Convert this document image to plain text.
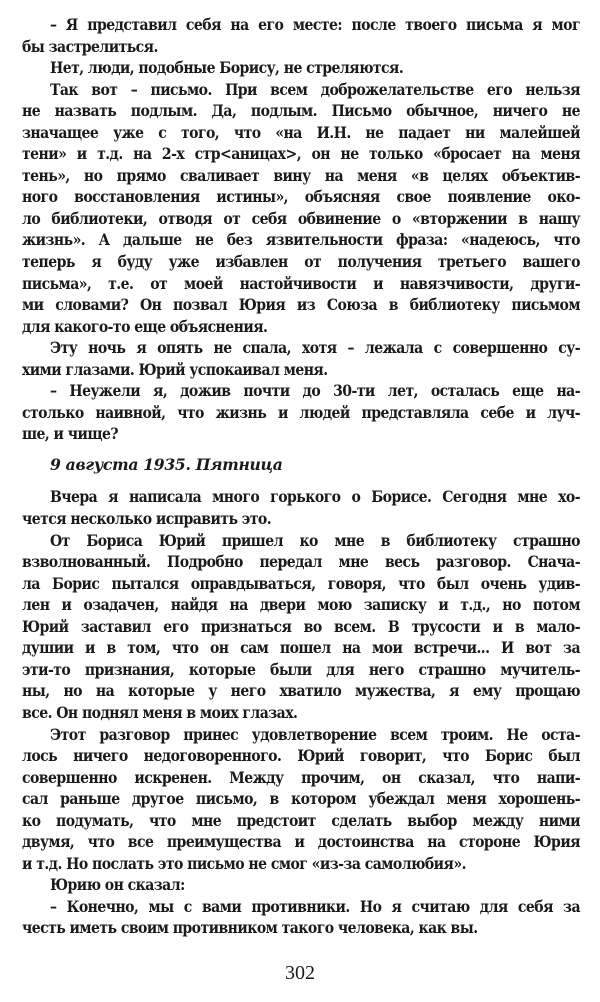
– Я представил себя на его месте: после твоего письма я мог
бы застрелиться.
Нет, люди, подобные Борису, не стреляются.
Так вот – письмо. При всем доброжелательстве его нельзя
не назвать подлым. Да, подлым. Письмо обычное, ничего не
значащее уже с того, что «на И.Н. не падает ни малейшей
тени» и т.д. на 2-х стр<аницах>, он не только «бросает на меня
тень», но прямо сваливает вину на меня «в целях объектив-
ного восстановления истины», объясняя свое появление око-
ло библиотеки, отводя от себя обвинение о «вторжении в нашу
жизнь». А дальше не без язвительности фраза: «надеюсь, что
теперь я буду уже избавлен от получения третьего вашего
письма», т.е. от моей настойчивости и навязчивости, други-
ми словами? Он позвал Юрия из Союза в библиотеку письмом
для какого-то еще объяснения.
Эту ночь я опять не спала, хотя – лежала с совершенно су-
хими глазами. Юрий успокаивал меня.
– Неужели я, дожив почти до 30-ти лет, осталась еще на-
столько наивной, что жизнь и людей представляла себе и луч-
ше, и чище?
9 августа 1935. Пятница
Вчера я написала много горького о Борисе. Сегодня мне хо-
чется несколько исправить это.
От Бориса Юрий пришел ко мне в библиотеку страшно
взволнованный. Подробно передал мне весь разговор. Снача-
ла Борис пытался оправдываться, говоря, что был очень удив-
лен и озадачен, найдя на двери мою записку и т.д., но потом
Юрий заставил его признаться во всем. В трусости и в мало-
душии и в том, что он сам пошел на мои встречи... И вот за
эти-то признания, которые были для него страшно мучитель-
ны, но на которые у него хватило мужества, я ему прощаю
все. Он поднял меня в моих глазах.
Этот разговор принес удовлетворение всем троим. Не оста-
лось ничего недоговоренного. Юрий говорит, что Борис был
совершенно искренен. Между прочим, он сказал, что напи-
сал раньше другое письмо, в котором убеждал меня хорошень-
ко подумать, что мне предстоит сделать выбор между ними
двумя, что все преимущества и достоинства на стороне Юрия
и т.д. Но послать это письмо не смог «из-за самолюбия».
Юрию он сказал:
– Конечно, мы с вами противники. Но я считаю для себя за
честь иметь своим противником такого человека, как вы.
302
